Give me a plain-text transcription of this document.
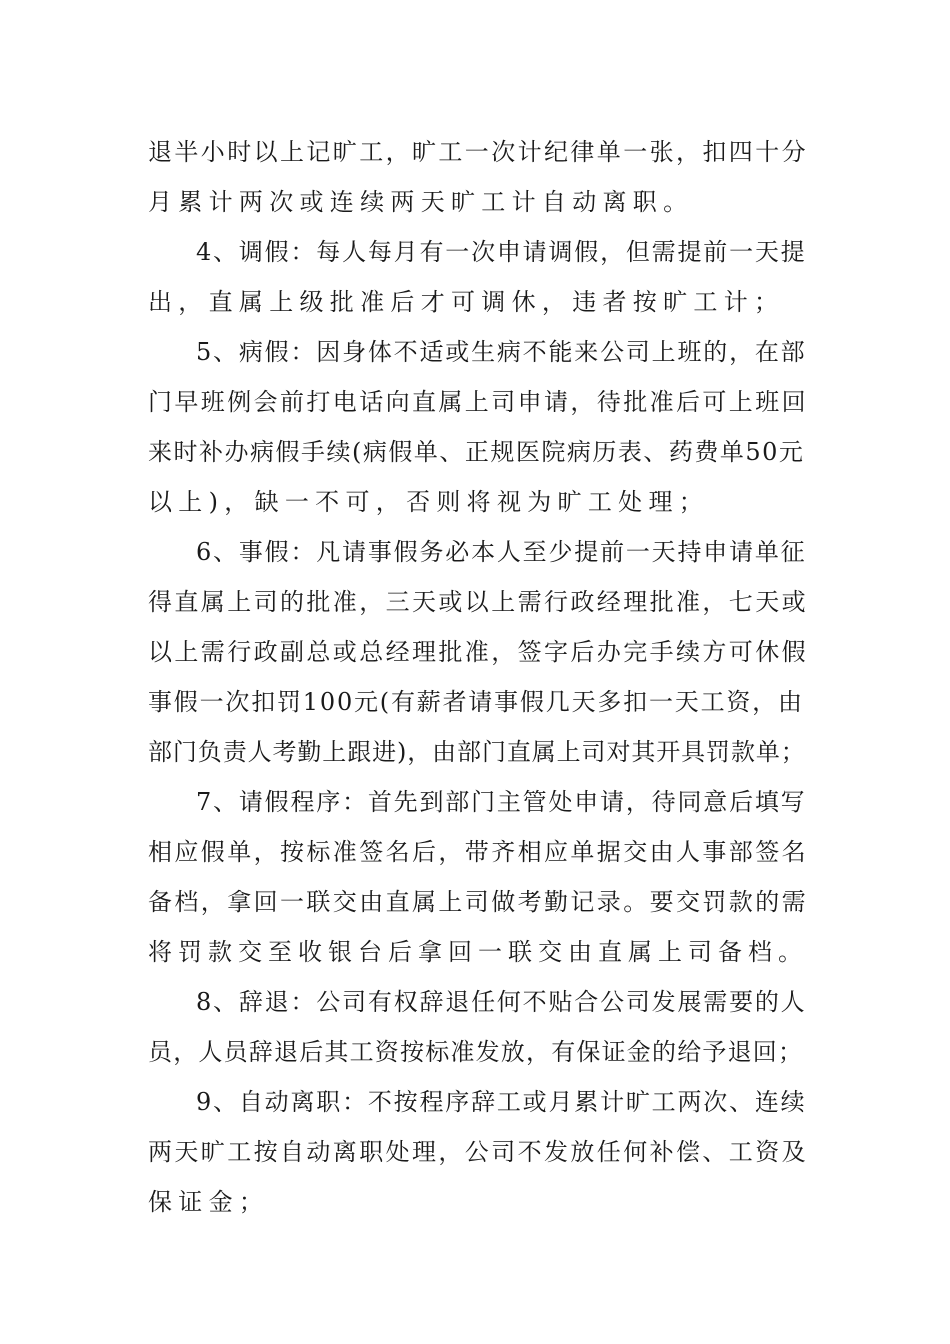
退半小时以上记旷工，旷工一次计纪律单一张，扣四十分
月累计两次或连续两天旷工计自动离职。
4、调假：每人每月有一次申请调假，但需提前一天提
出，直属上级批准后才可调休，违者按旷工计；
5、病假：因身体不适或生病不能来公司上班的，在部
门早班例会前打电话向直属上司申请，待批准后可上班回
来时补办病假手续(病假单、正规医院病历表、药费单50元
以上)，缺一不可，否则将视为旷工处理；
6、事假：凡请事假务必本人至少提前一天持申请单征
得直属上司的批准，三天或以上需行政经理批准，七天或
以上需行政副总或总经理批准，签字后办完手续方可休假
事假一次扣罚100元(有薪者请事假几天多扣一天工资，由
部门负责人考勤上跟进)，由部门直属上司对其开具罚款单；
7、请假程序：首先到部门主管处申请，待同意后填写
相应假单，按标准签名后，带齐相应单据交由人事部签名
备档，拿回一联交由直属上司做考勤记录。要交罚款的需
将罚款交至收银台后拿回一联交由直属上司备档。
8、辞退：公司有权辞退任何不贴合公司发展需要的人
员，人员辞退后其工资按标准发放，有保证金的给予退回；
9、自动离职：不按程序辞工或月累计旷工两次、连续
两天旷工按自动离职处理，公司不发放任何补偿、工资及
保证金；
